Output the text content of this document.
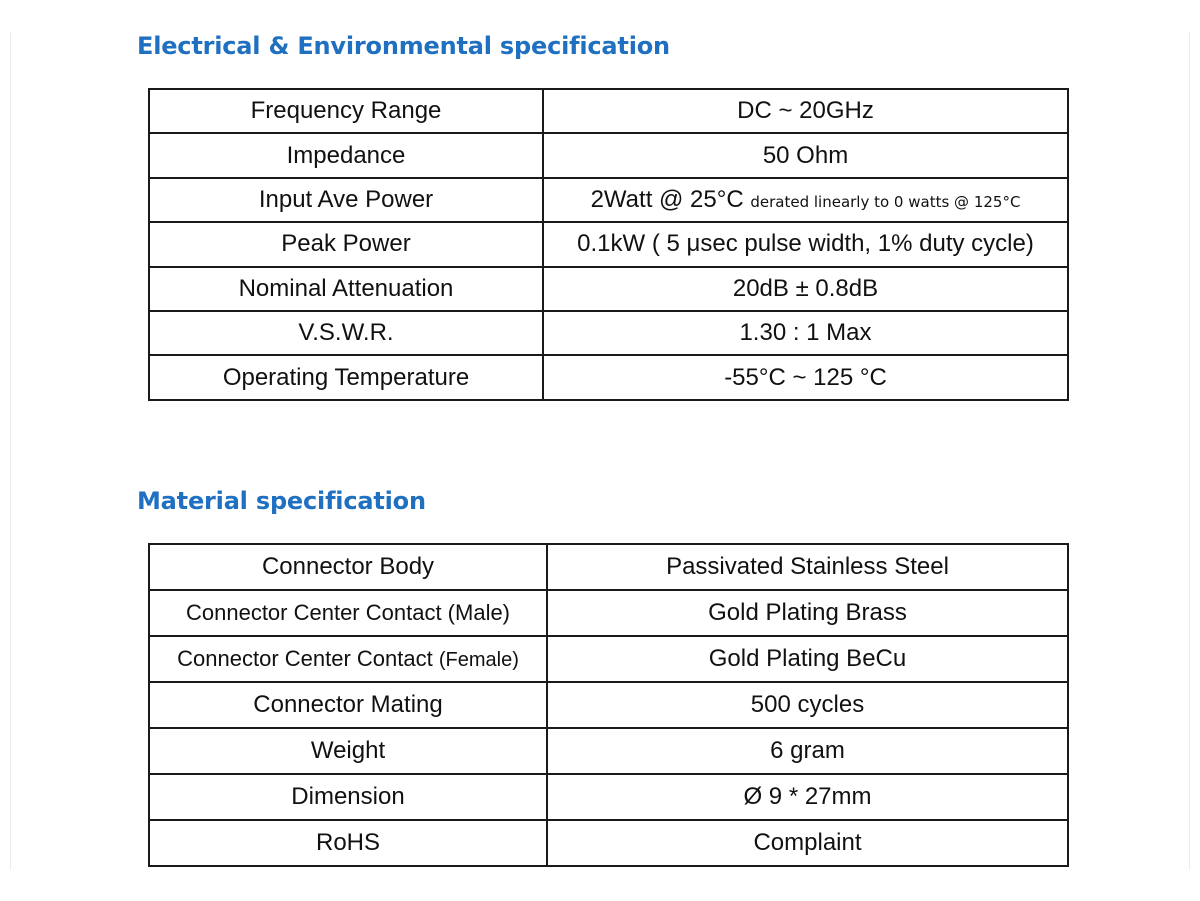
Electrical & Environmental specification
Frequency Range	DC ~ 20GHz
Impedance	50 Ohm
Input Ave Power	2Watt @ 25°C derated linearly to 0 watts @ 125°C
Peak Power	0.1kW ( 5 μsec pulse width, 1% duty cycle)
Nominal Attenuation	20dB ± 0.8dB
V.S.W.R.	1.30 : 1 Max
Operating Temperature	-55°C ~ 125 °C
Material specification
Connector Body	Passivated Stainless Steel
Connector Center Contact (Male)	Gold Plating Brass
Connector Center Contact (Female)	Gold Plating BeCu
Connector Mating	500 cycles
Weight	6 gram
Dimension	Ø 9 * 27mm
RoHS	Complaint
